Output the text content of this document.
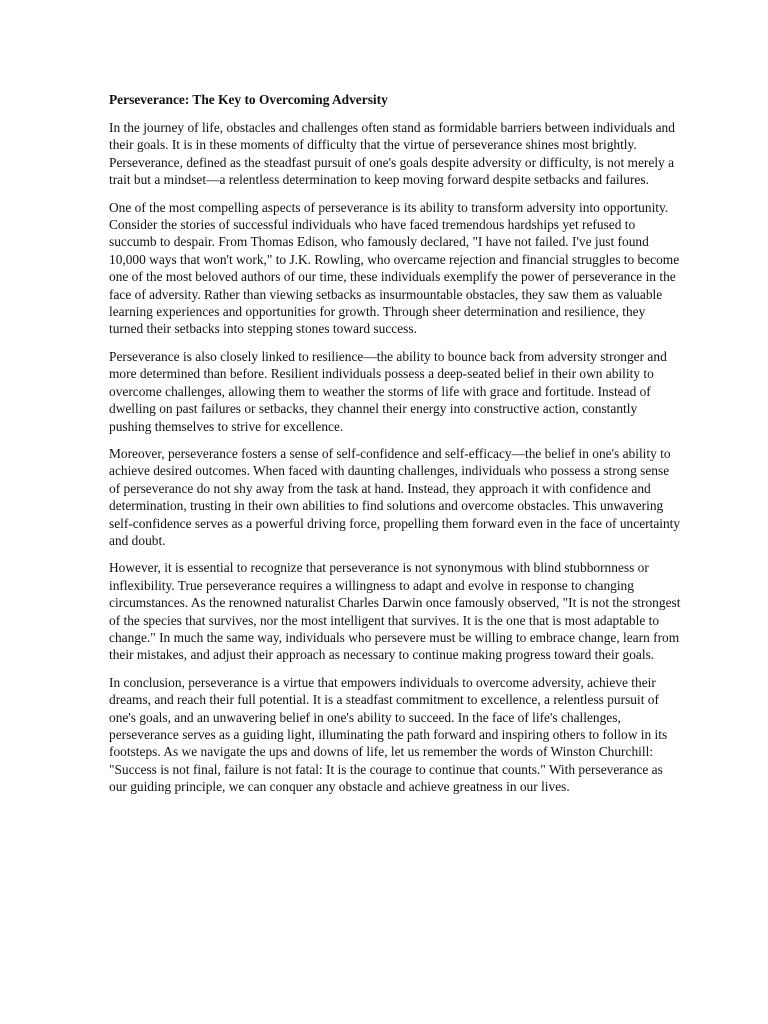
Perseverance: The Key to Overcoming Adversity

In the journey of life, obstacles and challenges often stand as formidable barriers between individuals and their goals. It is in these moments of difficulty that the virtue of perseverance shines most brightly. Perseverance, defined as the steadfast pursuit of one's goals despite adversity or difficulty, is not merely a trait but a mindset—a relentless determination to keep moving forward despite setbacks and failures.

One of the most compelling aspects of perseverance is its ability to transform adversity into opportunity. Consider the stories of successful individuals who have faced tremendous hardships yet refused to succumb to despair. From Thomas Edison, who famously declared, "I have not failed. I've just found 10,000 ways that won't work," to J.K. Rowling, who overcame rejection and financial struggles to become one of the most beloved authors of our time, these individuals exemplify the power of perseverance in the face of adversity. Rather than viewing setbacks as insurmountable obstacles, they saw them as valuable learning experiences and opportunities for growth. Through sheer determination and resilience, they turned their setbacks into stepping stones toward success.

Perseverance is also closely linked to resilience—the ability to bounce back from adversity stronger and more determined than before. Resilient individuals possess a deep-seated belief in their own ability to overcome challenges, allowing them to weather the storms of life with grace and fortitude. Instead of dwelling on past failures or setbacks, they channel their energy into constructive action, constantly pushing themselves to strive for excellence.

Moreover, perseverance fosters a sense of self-confidence and self-efficacy—the belief in one's ability to achieve desired outcomes. When faced with daunting challenges, individuals who possess a strong sense of perseverance do not shy away from the task at hand. Instead, they approach it with confidence and determination, trusting in their own abilities to find solutions and overcome obstacles. This unwavering self-confidence serves as a powerful driving force, propelling them forward even in the face of uncertainty and doubt.

However, it is essential to recognize that perseverance is not synonymous with blind stubbornness or inflexibility. True perseverance requires a willingness to adapt and evolve in response to changing circumstances. As the renowned naturalist Charles Darwin once famously observed, "It is not the strongest of the species that survives, nor the most intelligent that survives. It is the one that is most adaptable to change." In much the same way, individuals who persevere must be willing to embrace change, learn from their mistakes, and adjust their approach as necessary to continue making progress toward their goals.

In conclusion, perseverance is a virtue that empowers individuals to overcome adversity, achieve their dreams, and reach their full potential. It is a steadfast commitment to excellence, a relentless pursuit of one's goals, and an unwavering belief in one's ability to succeed. In the face of life's challenges, perseverance serves as a guiding light, illuminating the path forward and inspiring others to follow in its footsteps. As we navigate the ups and downs of life, let us remember the words of Winston Churchill: "Success is not final, failure is not fatal: It is the courage to continue that counts." With perseverance as our guiding principle, we can conquer any obstacle and achieve greatness in our lives.
